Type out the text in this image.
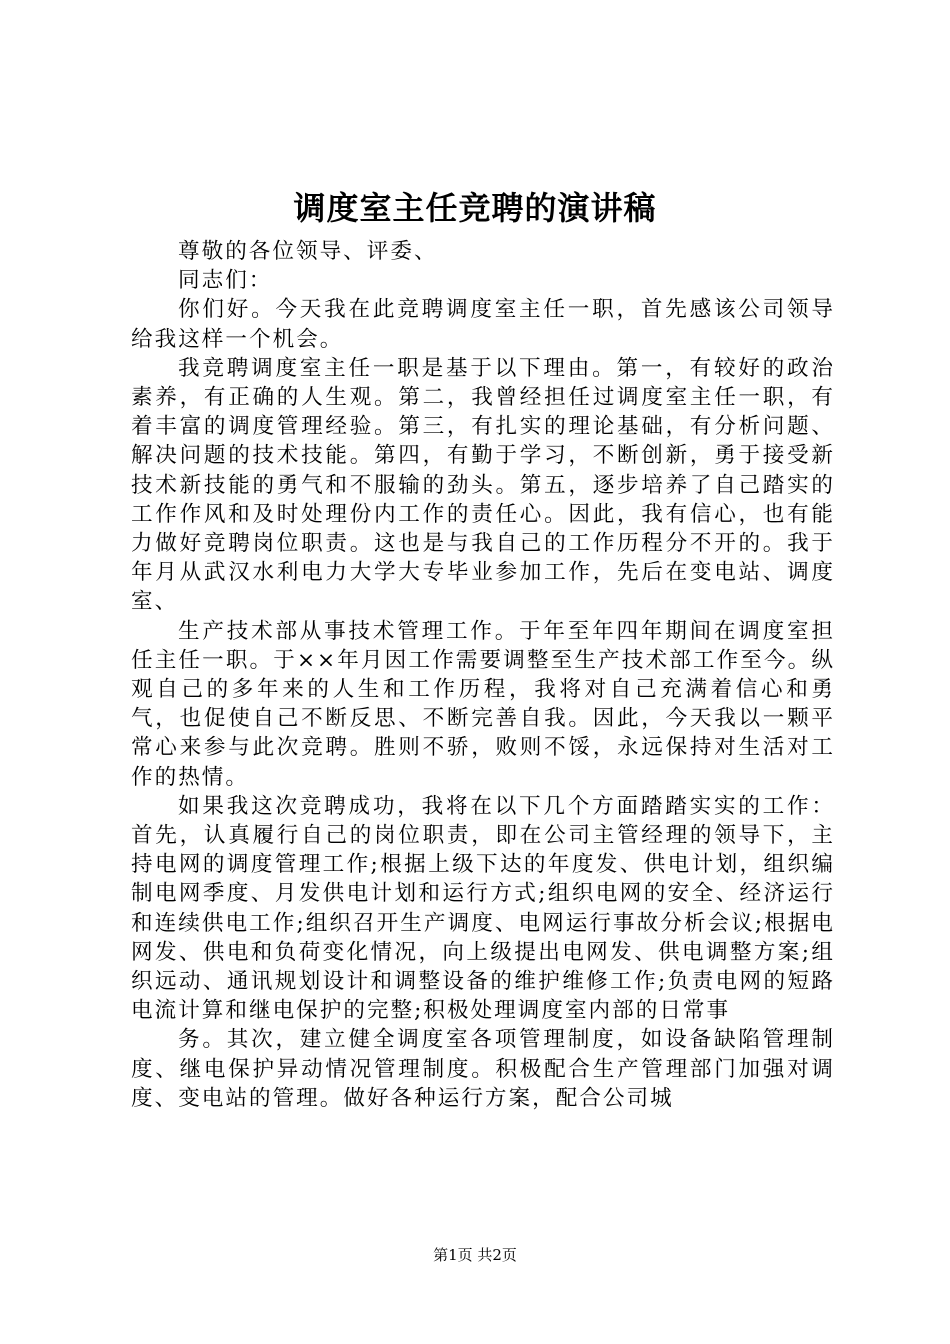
调度室主任竞聘的演讲稿

尊敬的各位领导、评委、

同志们：

你们好。今天我在此竞聘调度室主任一职，首先感该公司领导给我这样一个机会。

我竞聘调度室主任一职是基于以下理由。第一，有较好的政治素养，有正确的人生观。第二，我曾经担任过调度室主任一职，有着丰富的调度管理经验。第三，有扎实的理论基础，有分析问题、解决问题的技术技能。第四，有勤于学习，不断创新，勇于接受新技术新技能的勇气和不服输的劲头。第五，逐步培养了自己踏实的工作作风和及时处理份内工作的责任心。因此，我有信心，也有能力做好竞聘岗位职责。这也是与我自己的工作历程分不开的。我于年月从武汉水利电力大学大专毕业参加工作，先后在变电站、调度室、

生产技术部从事技术管理工作。于年至年四年期间在调度室担任主任一职。于××年月因工作需要调整至生产技术部工作至今。纵观自己的多年来的人生和工作历程，我将对自己充满着信心和勇气，也促使自己不断反思、不断完善自我。因此，今天我以一颗平常心来参与此次竞聘。胜则不骄，败则不馁，永远保持对生活对工作的热情。

如果我这次竞聘成功，我将在以下几个方面踏踏实实的工作：首先，认真履行自己的岗位职责，即在公司主管经理的领导下，主持电网的调度管理工作;根据上级下达的年度发、供电计划，组织编制电网季度、月发供电计划和运行方式;组织电网的安全、经济运行和连续供电工作;组织召开生产调度、电网运行事故分析会议;根据电网发、供电和负荷变化情况，向上级提出电网发、供电调整方案;组织远动、通讯规划设计和调整设备的维护维修工作;负责电网的短路电流计算和继电保护的完整;积极处理调度室内部的日常事

务。其次，建立健全调度室各项管理制度，如设备缺陷管理制度、继电保护异动情况管理制度。积极配合生产管理部门加强对调度、变电站的管理。做好各种运行方案，配合公司城

第1页 共2页
